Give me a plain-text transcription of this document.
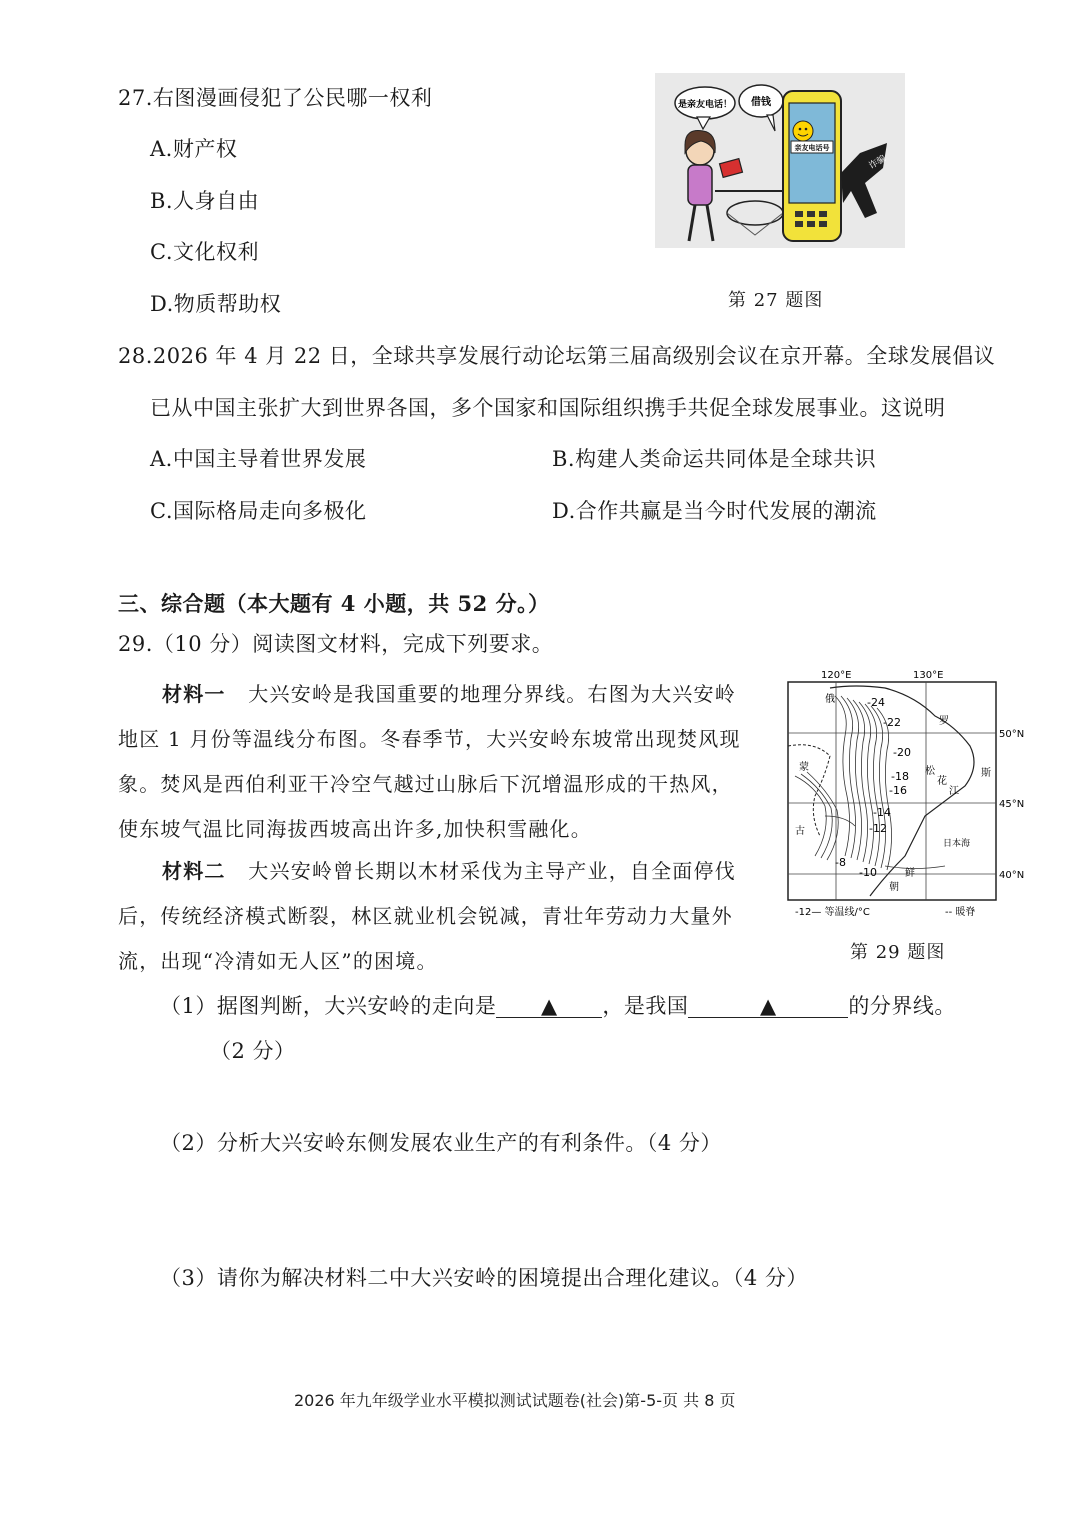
27.右图漫画侵犯了公民哪一权利
A.财产权
B.人身自由
C.文化权利
D.物质帮助权
是亲友电话！ 借钱
亲友电话号
诈骗
第 27 题图
28.2026 年 4 月 22 日，全球共享发展行动论坛第三届高级别会议在京开幕。全球发展倡议
已从中国主张扩大到世界各国，多个国家和国际组织携手共促全球发展事业。这说明
A.中国主导着世界发展	B.构建人类命运共同体是全球共识
C.国际格局走向多极化	D.合作共赢是当今时代发展的潮流
三、综合题（本大题有 4 小题，共 52 分。）
29.（10 分）阅读图文材料，完成下列要求。
材料一 大兴安岭是我国重要的地理分界线。右图为大兴安岭
地区 1 月份等温线分布图。冬春季节，大兴安岭东坡常出现焚风现
象。焚风是西伯利亚干冷空气越过山脉后下沉增温形成的干热风，
使东坡气温比同海拔西坡高出许多,加快积雪融化。
材料二 大兴安岭曾长期以木材采伐为主导产业，自全面停伐
后，传统经济模式断裂，林区就业机会锐减，青壮年劳动力大量外
流，出现“冷清如无人区”的困境。
120°E	130°E
50°N
45°N
40°N
-24
-22
-20
-18
-16
-14
-12
-10
-8
俄
罗
斯
蒙
古
日本海
朝
鲜
松
花
江
-12— 等温线/°C	-- 暖脊
第 29 题图
（1）据图判断，大兴安岭的走向是 ▲ ，是我国	▲	的分界线。
（2 分）
（2）分析大兴安岭东侧发展农业生产的有利条件。（4 分）
（3）请你为解决材料二中大兴安岭的困境提出合理化建议。（4 分）
2026 年九年级学业水平模拟测试试题卷(社会)第-5-页 共 8 页
